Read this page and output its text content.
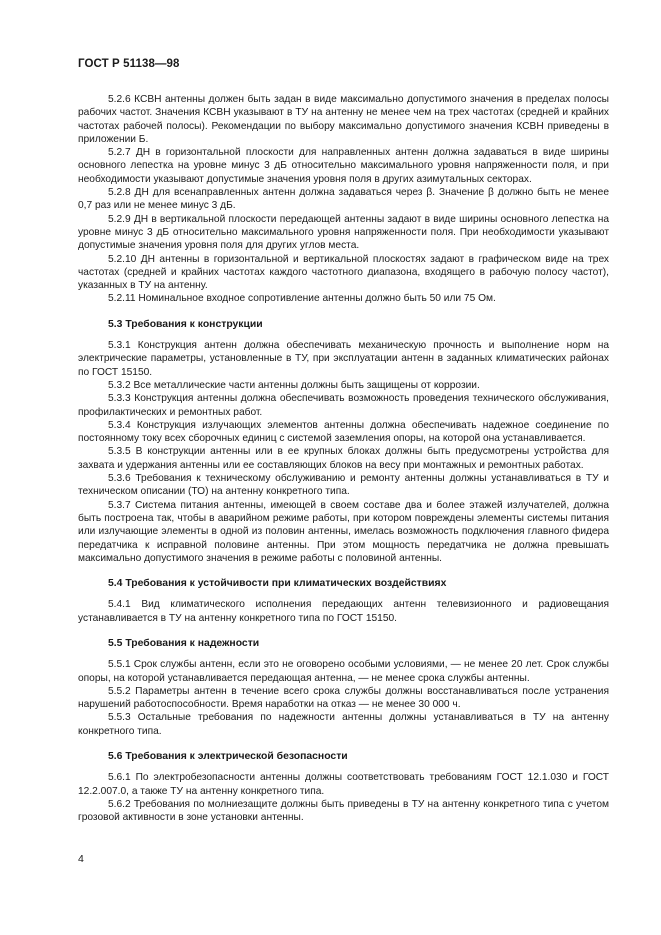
ГОСТ Р 51138—98

5.2.6 КСВН антенны должен быть задан в виде максимально допустимого значения в пределах полосы рабочих частот. Значения КСВН указывают в ТУ на антенну не менее чем на трех частотах (средней и крайних частотах рабочей полосы). Рекомендации по выбору максимально допустимого значения КСВН приведены в приложении Б.

5.2.7 ДН в горизонтальной плоскости для направленных антенн должна задаваться в виде ширины основного лепестка на уровне минус 3 дБ относительно максимального уровня напряженности поля, и при необходимости указывают допустимые значения уровня поля в других азимутальных секторах.

5.2.8 ДН для всенаправленных антенн должна задаваться через β. Значение β должно быть не менее 0,7 раз или не менее минус 3 дБ.

5.2.9 ДН в вертикальной плоскости передающей антенны задают в виде ширины основного лепестка на уровне минус 3 дБ относительно максимального уровня напряженности поля. При необходимости указывают допустимые значения уровня поля для других углов места.

5.2.10 ДН антенны в горизонтальной и вертикальной плоскостях задают в графическом виде на трех частотах (средней и крайних частотах каждого частотного диапазона, входящего в рабочую полосу частот), указанных в ТУ на антенну.

5.2.11 Номинальное входное сопротивление антенны должно быть 50 или 75 Ом.

5.3 Требования к конструкции

5.3.1 Конструкция антенн должна обеспечивать механическую прочность и выполнение норм на электрические параметры, установленные в ТУ, при эксплуатации антенн в заданных климатических районах по ГОСТ 15150.

5.3.2 Все металлические части антенны должны быть защищены от коррозии.

5.3.3 Конструкция антенны должна обеспечивать возможность проведения технического обслуживания, профилактических и ремонтных работ.

5.3.4 Конструкция излучающих элементов антенны должна обеспечивать надежное соединение по постоянному току всех сборочных единиц с системой заземления опоры, на которой она устанавливается.

5.3.5 В конструкции антенны или в ее крупных блоках должны быть предусмотрены устройства для захвата и удержания антенны или ее составляющих блоков на весу при монтажных и ремонтных работах.

5.3.6 Требования к техническому обслуживанию и ремонту антенны должны устанавливаться в ТУ и техническом описании (ТО) на антенну конкретного типа.

5.3.7 Система питания антенны, имеющей в своем составе два и более этажей излучателей, должна быть построена так, чтобы в аварийном режиме работы, при котором повреждены элементы системы питания или излучающие элементы в одной из половин антенны, имелась возможность подключения главного фидера передатчика к исправной половине антенны. При этом мощность передатчика не должна превышать максимально допустимого значения в режиме работы с половиной антенны.

5.4 Требования к устойчивости при климатических воздействиях

5.4.1 Вид климатического исполнения передающих антенн телевизионного и радиовещания устанавливается в ТУ на антенну конкретного типа по ГОСТ 15150.

5.5 Требования к надежности

5.5.1 Срок службы антенн, если это не оговорено особыми условиями, — не менее 20 лет. Срок службы опоры, на которой устанавливается передающая антенна, — не менее срока службы антенны.

5.5.2 Параметры антенн в течение всего срока службы должны восстанавливаться после устранения нарушений работоспособности. Время наработки на отказ — не менее 30 000 ч.

5.5.3 Остальные требования по надежности антенны должны устанавливаться в ТУ на антенну конкретного типа.

5.6 Требования к электрической безопасности

5.6.1 По электробезопасности антенны должны соответствовать требованиям ГОСТ 12.1.030 и ГОСТ 12.2.007.0, а также ТУ на антенну конкретного типа.

5.6.2 Требования по молниезащите должны быть приведены в ТУ на антенну конкретного типа с учетом грозовой активности в зоне установки антенны.

4
